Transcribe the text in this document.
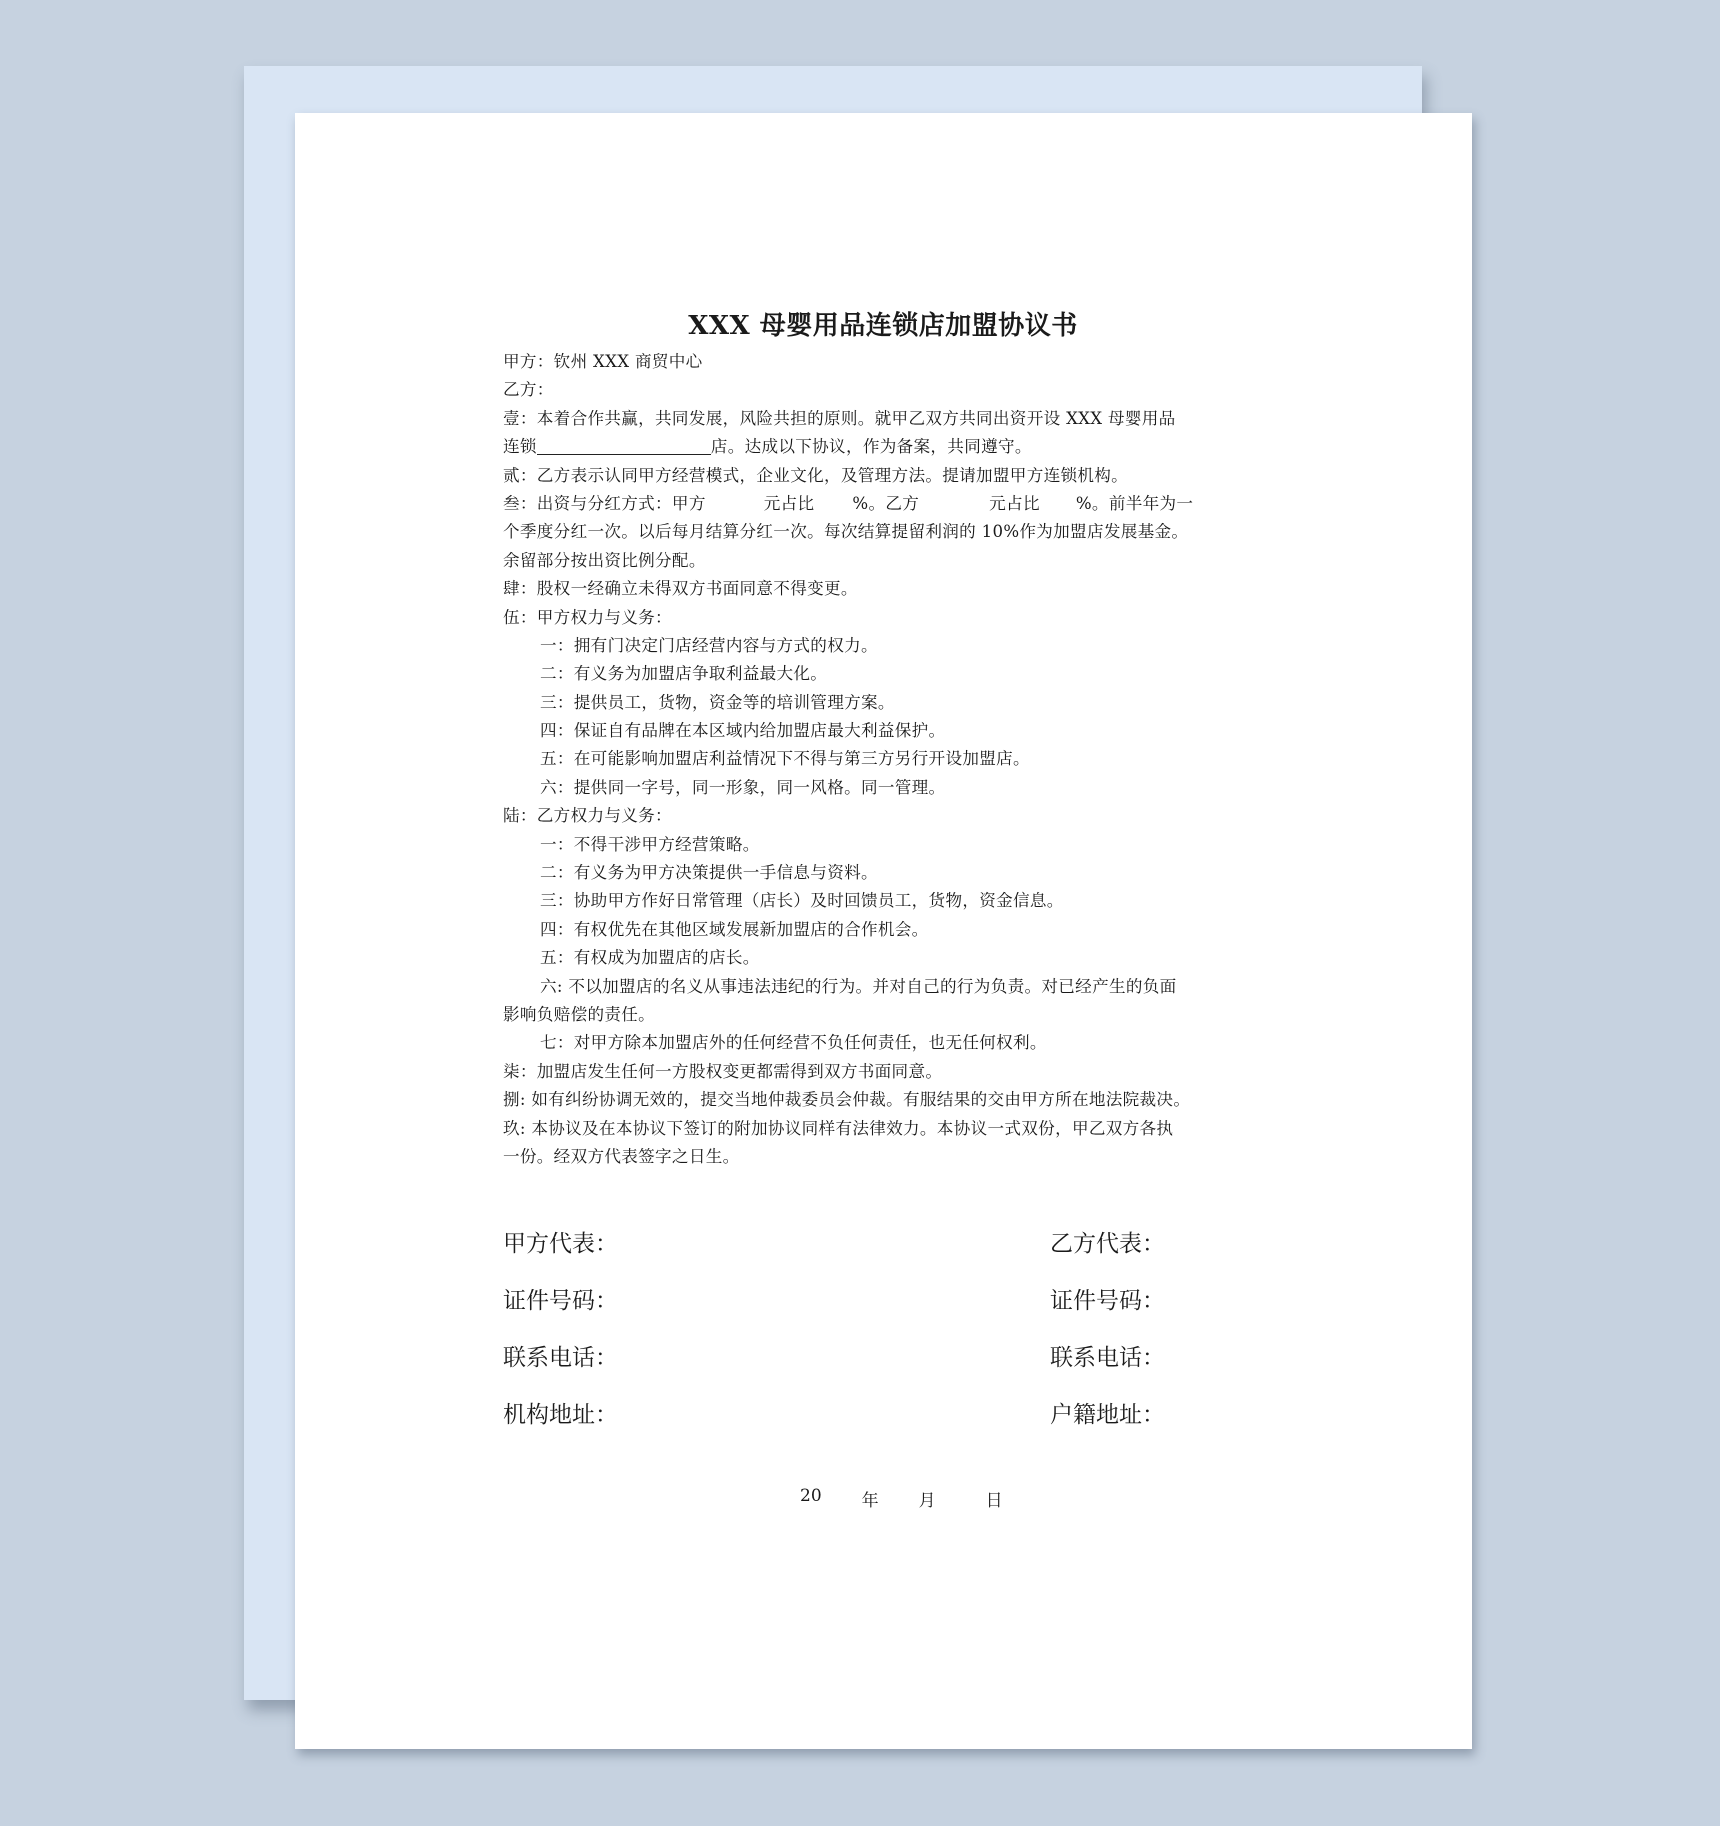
XXX 母婴用品连锁店加盟协议书
甲方：钦州 XXX 商贸中心
乙方：
壹：本着合作共赢，共同发展，风险共担的原则。就甲乙双方共同出资开设 XXX 母婴用品
连锁	店。达成以下协议，作为备案，共同遵守。
贰：乙方表示认同甲方经营模式，企业文化，及管理方法。提请加盟甲方连锁机构。
叁：出资与分红方式：甲方	元占比 %。乙方	元占比 %。前半年为一
个季度分红一次。以后每月结算分红一次。每次结算提留利润的 10%作为加盟店发展基金。
余留部分按出资比例分配。
肆：股权一经确立未得双方书面同意不得变更。
伍：甲方权力与义务：
一：拥有门决定门店经营内容与方式的权力。
二：有义务为加盟店争取利益最大化。
三：提供员工，货物，资金等的培训管理方案。
四：保证自有品牌在本区域内给加盟店最大利益保护。
五：在可能影响加盟店利益情况下不得与第三方另行开设加盟店。
六：提供同一字号，同一形象，同一风格。同一管理。
陆：乙方权力与义务：
一：不得干涉甲方经营策略。
二：有义务为甲方决策提供一手信息与资料。
三：协助甲方作好日常管理（店长）及时回馈员工，货物，资金信息。
四：有权优先在其他区域发展新加盟店的合作机会。
五：有权成为加盟店的店长。
六: 不以加盟店的名义从事违法违纪的行为。并对自己的行为负责。对已经产生的负面
影响负赔偿的责任。
七：对甲方除本加盟店外的任何经营不负任何责任，也无任何权利。
柒：加盟店发生任何一方股权变更都需得到双方书面同意。
捌: 如有纠纷协调无效的，提交当地仲裁委员会仲裁。有服结果的交由甲方所在地法院裁决。
玖: 本协议及在本协议下签订的附加协议同样有法律效力。本协议一式双份，甲乙双方各执
一份。经双方代表签字之日生。
甲方代表：	乙方代表：
证件号码：	证件号码：
联系电话：	联系电话：
机构地址：	户籍地址：
20 年 月	日
